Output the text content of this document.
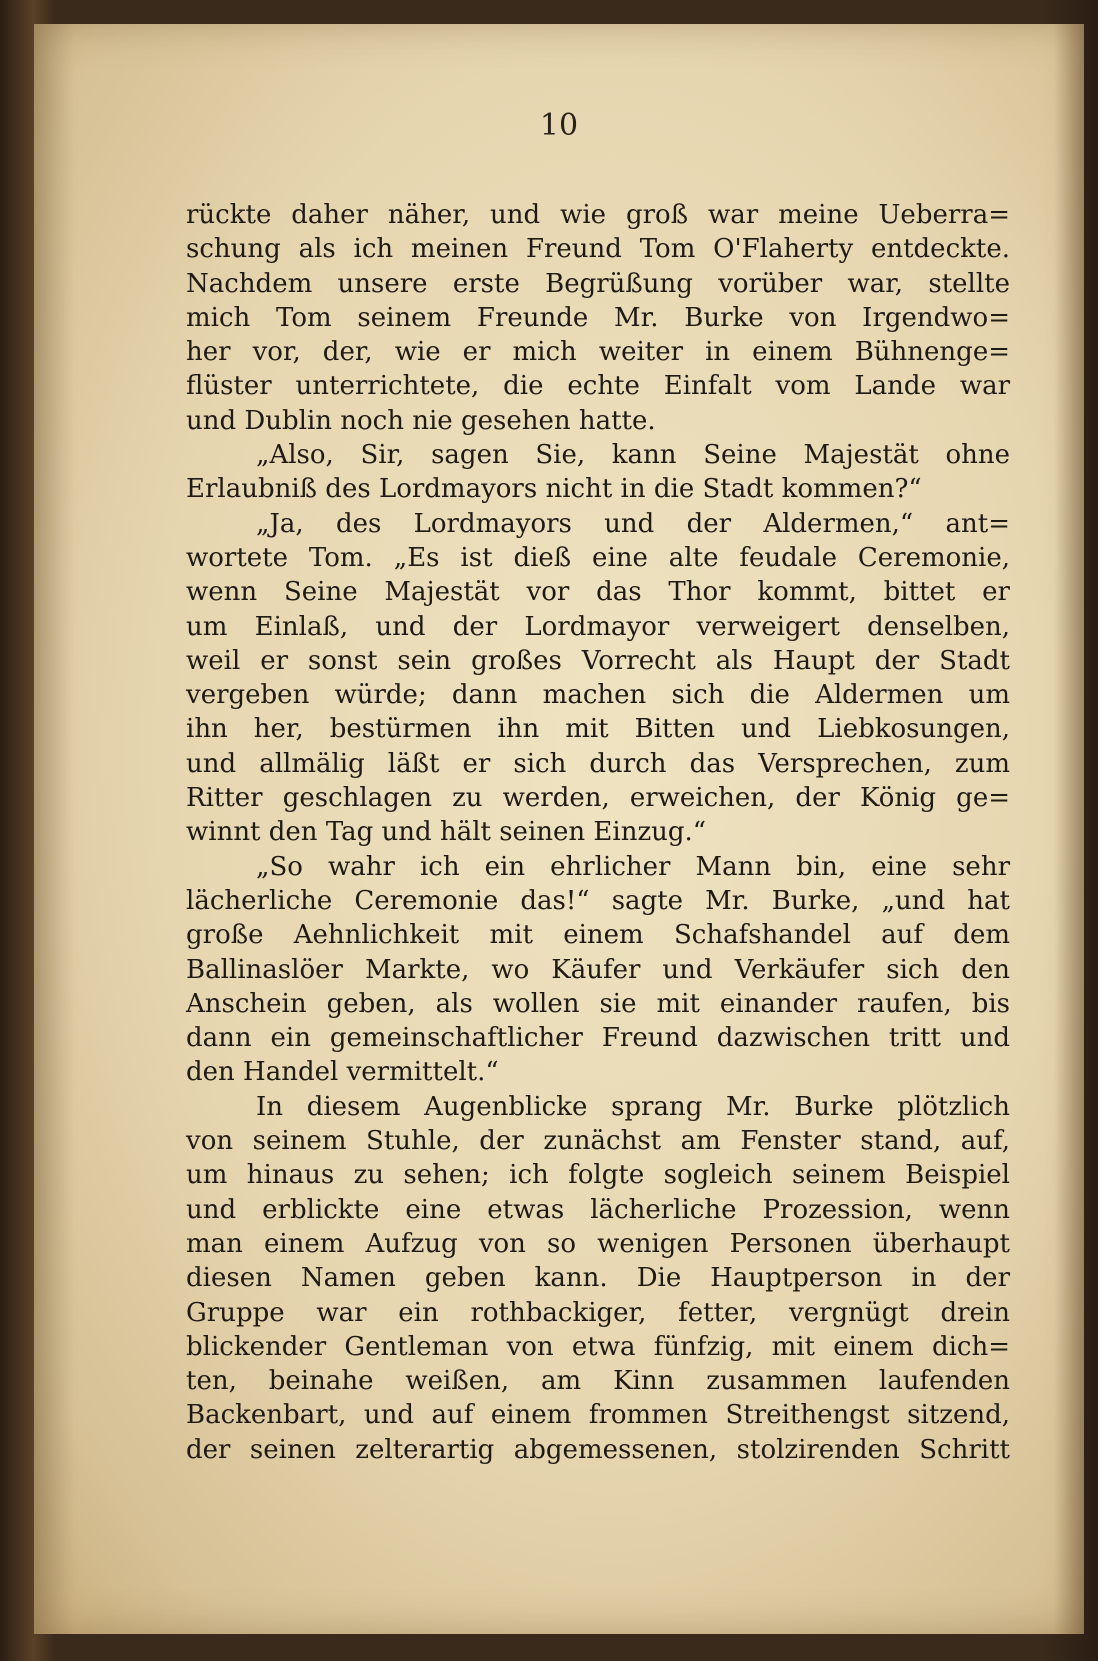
10
rückte daher näher, und wie groß war meine Ueberra=
schung als ich meinen Freund Tom O'Flaherty entdeckte.
Nachdem unsere erste Begrüßung vorüber war, stellte
mich Tom seinem Freunde Mr. Burke von Irgendwo=
her vor, der, wie er mich weiter in einem Bühnenge=
flüster unterrichtete, die echte Einfalt vom Lande war
und Dublin noch nie gesehen hatte.
„Also, Sir, sagen Sie, kann Seine Majestät ohne
Erlaubniß des Lordmayors nicht in die Stadt kommen?“
„Ja, des Lordmayors und der Aldermen,“ ant=
wortete Tom. „Es ist dieß eine alte feudale Ceremonie,
wenn Seine Majestät vor das Thor kommt, bittet er
um Einlaß, und der Lordmayor verweigert denselben,
weil er sonst sein großes Vorrecht als Haupt der Stadt
vergeben würde; dann machen sich die Aldermen um
ihn her, bestürmen ihn mit Bitten und Liebkosungen,
und allmälig läßt er sich durch das Versprechen, zum
Ritter geschlagen zu werden, erweichen, der König ge=
winnt den Tag und hält seinen Einzug.“
„So wahr ich ein ehrlicher Mann bin, eine sehr
lächerliche Ceremonie das!“ sagte Mr. Burke, „und hat
große Aehnlichkeit mit einem Schafshandel auf dem
Ballinaslöer Markte, wo Käufer und Verkäufer sich den
Anschein geben, als wollen sie mit einander raufen, bis
dann ein gemeinschaftlicher Freund dazwischen tritt und
den Handel vermittelt.“
In diesem Augenblicke sprang Mr. Burke plötzlich
von seinem Stuhle, der zunächst am Fenster stand, auf,
um hinaus zu sehen; ich folgte sogleich seinem Beispiel
und erblickte eine etwas lächerliche Prozession, wenn
man einem Aufzug von so wenigen Personen überhaupt
diesen Namen geben kann. Die Hauptperson in der
Gruppe war ein rothbackiger, fetter, vergnügt drein
blickender Gentleman von etwa fünfzig, mit einem dich=
ten, beinahe weißen, am Kinn zusammen laufenden
Backenbart, und auf einem frommen Streithengst sitzend,
der seinen zelterartig abgemessenen, stolzirenden Schritt
